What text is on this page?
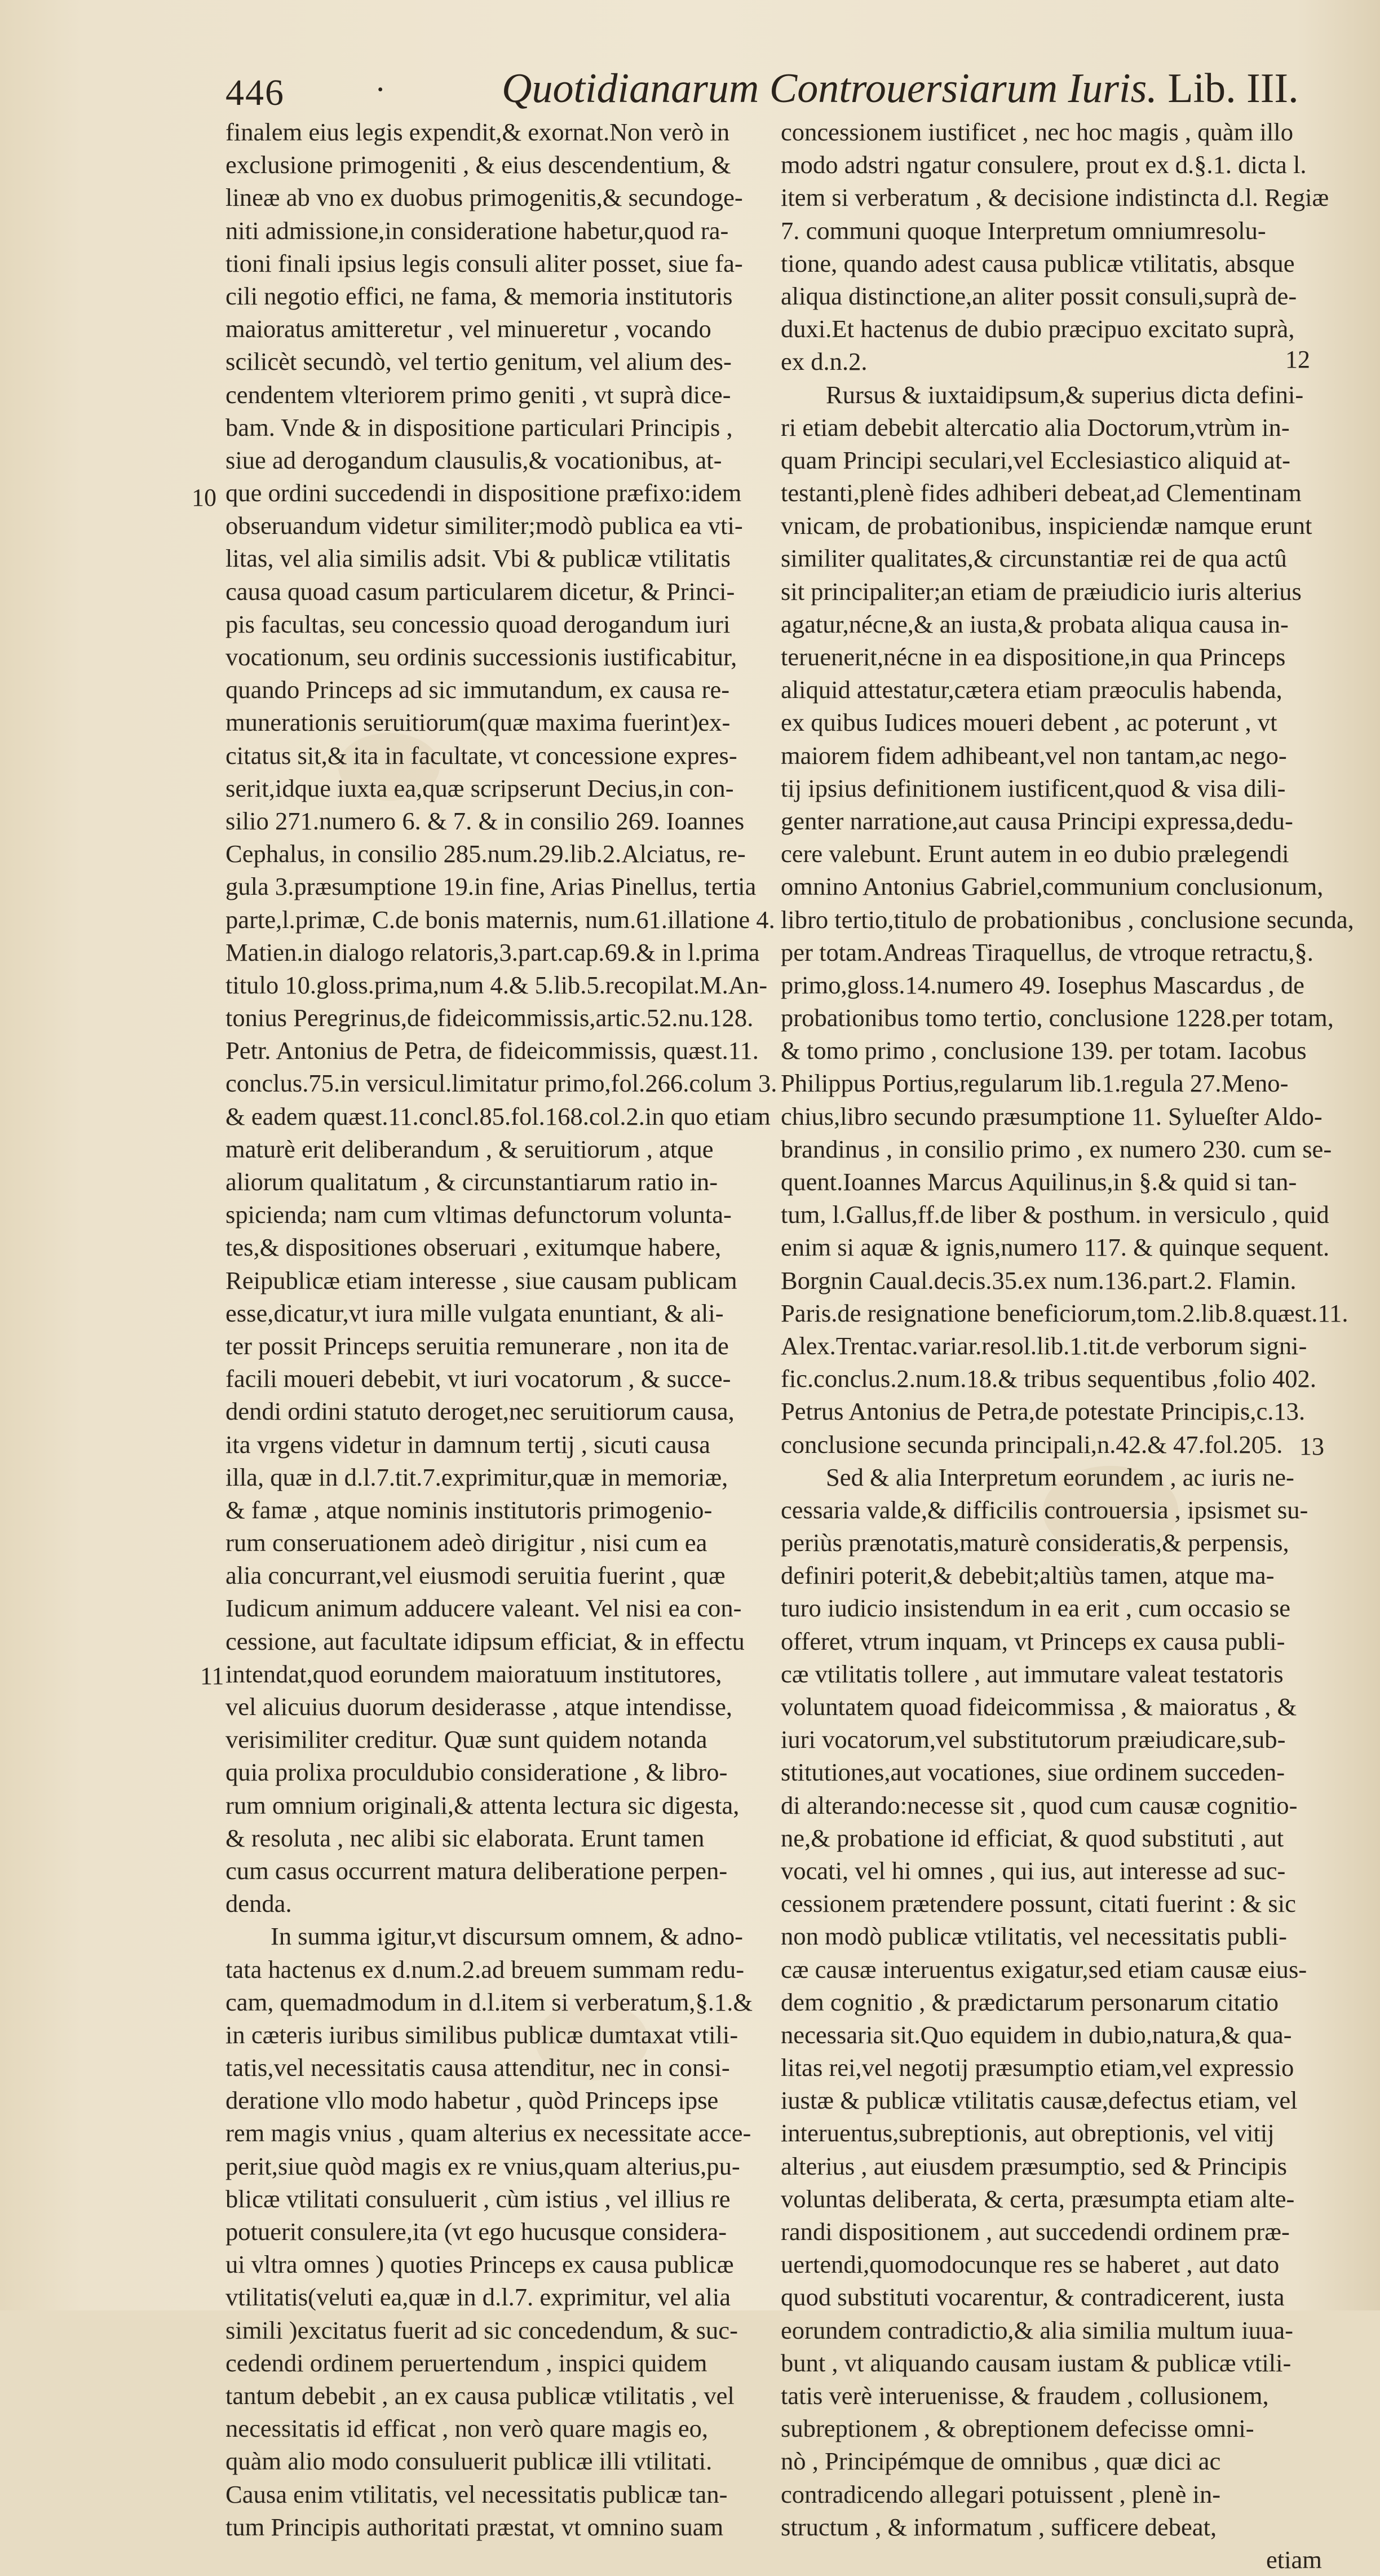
446	·	Quotidianarum Controuersiarum Iuris. Lib. III.
10
11
12
13
finalem eius legis expendit,& exornat.Non verò in
exclusione primogeniti , & eius descendentium, &
lineæ ab vno ex duobus primogenitis,& secundoge-
niti admissione,in consideratione habetur,quod ra-
tioni finali ipsius legis consuli aliter posset, siue fa-
cili negotio effici, ne fama, & memoria institutoris
maioratus amitteretur , vel minueretur , vocando
scilicèt secundò, vel tertio genitum, vel alium des-
cendentem vlteriorem primo geniti , vt suprà dice-
bam. Vnde & in dispositione particulari Principis ,
siue ad derogandum clausulis,& vocationibus, at-
que ordini succedendi in dispositione præfixo:idem
obseruandum videtur similiter;modò publica ea vti-
litas, vel alia similis adsit. Vbi & publicæ vtilitatis
causa quoad casum particularem dicetur, & Princi-
pis facultas, seu concessio quoad derogandum iuri
vocationum, seu ordinis successionis iustificabitur,
quando Princeps ad sic immutandum, ex causa re-
munerationis seruitiorum(quæ maxima fuerint)ex-
citatus sit,& ita in facultate, vt concessione expres-
serit,idque iuxta ea,quæ scripserunt Decius,in con-
silio 271.numero 6. & 7. & in consilio 269. Ioannes
Cephalus, in consilio 285.num.29.lib.2.Alciatus, re-
gula 3.præsumptione 19.in fine, Arias Pinellus, tertia
parte,l.primæ, C.de bonis maternis, num.61.illatione 4.
Matien.in dialogo relatoris,3.part.cap.69.& in l.prima
titulo 10.gloss.prima,num 4.& 5.lib.5.recopilat.M.An-
tonius Peregrinus,de fideicommissis,artic.52.nu.128.
Petr. Antonius de Petra, de fideicommissis, quæst.11.
conclus.75.in versicul.limitatur primo,fol.266.colum 3.
& eadem quæst.11.concl.85.fol.168.col.2.in quo etiam
maturè erit deliberandum , & seruitiorum , atque
aliorum qualitatum , & circunstantiarum ratio in-
spicienda; nam cum vltimas defunctorum volunta-
tes,& dispositiones obseruari , exitumque habere,
Reipublicæ etiam interesse , siue causam publicam
esse,dicatur,vt iura mille vulgata enuntiant, & ali-
ter possit Princeps seruitia remunerare , non ita de
facili moueri debebit, vt iuri vocatorum , & succe-
dendi ordini statuto deroget,nec seruitiorum causa,
ita vrgens videtur in damnum tertij , sicuti causa
illa, quæ in d.l.7.tit.7.exprimitur,quæ in memoriæ,
& famæ , atque nominis institutoris primogenio-
rum conseruationem adeò dirigitur , nisi cum ea
alia concurrant,vel eiusmodi seruitia fuerint , quæ
Iudicum animum adducere valeant. Vel nisi ea con-
cessione, aut facultate idipsum efficiat, & in effectu
intendat,quod eorundem maioratuum institutores,
vel alicuius duorum desiderasse , atque intendisse,
verisimiliter creditur. Quæ sunt quidem notanda
quia prolixa proculdubio consideratione , & libro-
rum omnium originali,& attenta lectura sic digesta,
& resoluta , nec alibi sic elaborata. Erunt tamen
cum casus occurrent matura deliberatione perpen-
denda.
In summa igitur,vt discursum omnem, & adno-
tata hactenus ex d.num.2.ad breuem summam redu-
cam, quemadmodum in d.l.item si verberatum,§.1.&
in cæteris iuribus similibus publicæ dumtaxat vtili-
tatis,vel necessitatis causa attenditur, nec in consi-
deratione vllo modo habetur , quòd Princeps ipse
rem magis vnius , quam alterius ex necessitate acce-
perit,siue quòd magis ex re vnius,quam alterius,pu-
blicæ vtilitati consuluerit , cùm istius , vel illius re
potuerit consulere,ita (vt ego hucusque considera-
ui vltra omnes ) quoties Princeps ex causa publicæ
vtilitatis(veluti ea,quæ in d.l.7. exprimitur, vel alia
simili )excitatus fuerit ad sic concedendum, & suc-
cedendi ordinem peruertendum , inspici quidem
tantum debebit , an ex causa publicæ vtilitatis , vel
necessitatis id efficat , non verò quare magis eo,
quàm alio modo consuluerit publicæ illi vtilitati.
Causa enim vtilitatis, vel necessitatis publicæ tan-
tum Principis authoritati præstat, vt omnino suam
concessionem iustificet , nec hoc magis , quàm illo
modo adstri ngatur consulere, prout ex d.§.1. dicta l.
item si verberatum , & decisione indistincta d.l. Regiæ
7. communi quoque Interpretum omniumresolu-
tione, quando adest causa publicæ vtilitatis, absque
aliqua distinctione,an aliter possit consuli,suprà de-
duxi.Et hactenus de dubio præcipuo excitato suprà,
ex d.n.2.
Rursus & iuxtaidipsum,& superius dicta defini-
ri etiam debebit altercatio alia Doctorum,vtrùm in-
quam Principi seculari,vel Ecclesiastico aliquid at-
testanti,plenè fides adhiberi debeat,ad Clementinam
vnicam, de probationibus, inspiciendæ namque erunt
similiter qualitates,& circunstantiæ rei de qua actû
sit principaliter;an etiam de præiudicio iuris alterius
agatur,nécne,& an iusta,& probata aliqua causa in-
teruenerit,nécne in ea dispositione,in qua Princeps
aliquid attestatur,cætera etiam præoculis habenda,
ex quibus Iudices moueri debent , ac poterunt , vt
maiorem fidem adhibeant,vel non tantam,ac nego-
tij ipsius definitionem iustificent,quod & visa dili-
genter narratione,aut causa Principi expressa,dedu-
cere valebunt. Erunt autem in eo dubio prælegendi
omnino Antonius Gabriel,communium conclusionum,
libro tertio,titulo de probationibus , conclusione secunda,
per totam.Andreas Tiraquellus, de vtroque retractu,§.
primo,gloss.14.numero 49. Iosephus Mascardus , de
probationibus tomo tertio, conclusione 1228.per totam,
& tomo primo , conclusione 139. per totam. Iacobus
Philippus Portius,regularum lib.1.regula 27.Meno-
chius,libro secundo præsumptione 11. Sylueſter Aldo-
brandinus , in consilio primo , ex numero 230. cum se-
quent.Ioannes Marcus Aquilinus,in §.& quid si tan-
tum, l.Gallus,ff.de liber & posthum. in versiculo , quid
enim si aquæ & ignis,numero 117. & quinque sequent.
Borgnin Caual.decis.35.ex num.136.part.2. Flamin.
Paris.de resignatione beneficiorum,tom.2.lib.8.quæst.11.
Alex.Trentac.variar.resol.lib.1.tit.de verborum signi-
fic.conclus.2.num.18.& tribus sequentibus ,folio 402.
Petrus Antonius de Petra,de potestate Principis,c.13.
conclusione secunda principali,n.42.& 47.fol.205.
Sed & alia Interpretum eorundem , ac iuris ne-
cessaria valde,& difficilis controuersia , ipsismet su-
periùs prænotatis,maturè consideratis,& perpensis,
definiri poterit,& debebit;altiùs tamen, atque ma-
turo iudicio insistendum in ea erit , cum occasio se
offeret, vtrum inquam, vt Princeps ex causa publi-
cæ vtilitatis tollere , aut immutare valeat testatoris
voluntatem quoad fideicommissa , & maioratus , &
iuri vocatorum,vel substitutorum præiudicare,sub-
stitutiones,aut vocationes, siue ordinem succeden-
di alterando:necesse sit , quod cum causæ cognitio-
ne,& probatione id efficiat, & quod substituti , aut
vocati, vel hi omnes , qui ius, aut interesse ad suc-
cessionem prætendere possunt, citati fuerint : & sic
non modò publicæ vtilitatis, vel necessitatis publi-
cæ causæ interuentus exigatur,sed etiam causæ eius-
dem cognitio , & prædictarum personarum citatio
necessaria sit.Quo equidem in dubio,natura,& qua-
litas rei,vel negotij præsumptio etiam,vel expressio
iustæ & publicæ vtilitatis causæ,defectus etiam, vel
interuentus,subreptionis, aut obreptionis, vel vitij
alterius , aut eiusdem præsumptio, sed & Principis
voluntas deliberata, & certa, præsumpta etiam alte-
randi dispositionem , aut succedendi ordinem præ-
uertendi,quomodocunque res se haberet , aut dato
quod substituti vocarentur, & contradicerent, iusta
eorundem contradictio,& alia similia multum iuua-
bunt , vt aliquando causam iustam & publicæ vtili-
tatis verè interuenisse, & fraudem , collusionem,
subreptionem , & obreptionem defecisse omni-
nò , Principémque de omnibus , quæ dici ac
contradicendo allegari potuissent , plenè in-
structum , & informatum , sufficere debeat,
etiam
